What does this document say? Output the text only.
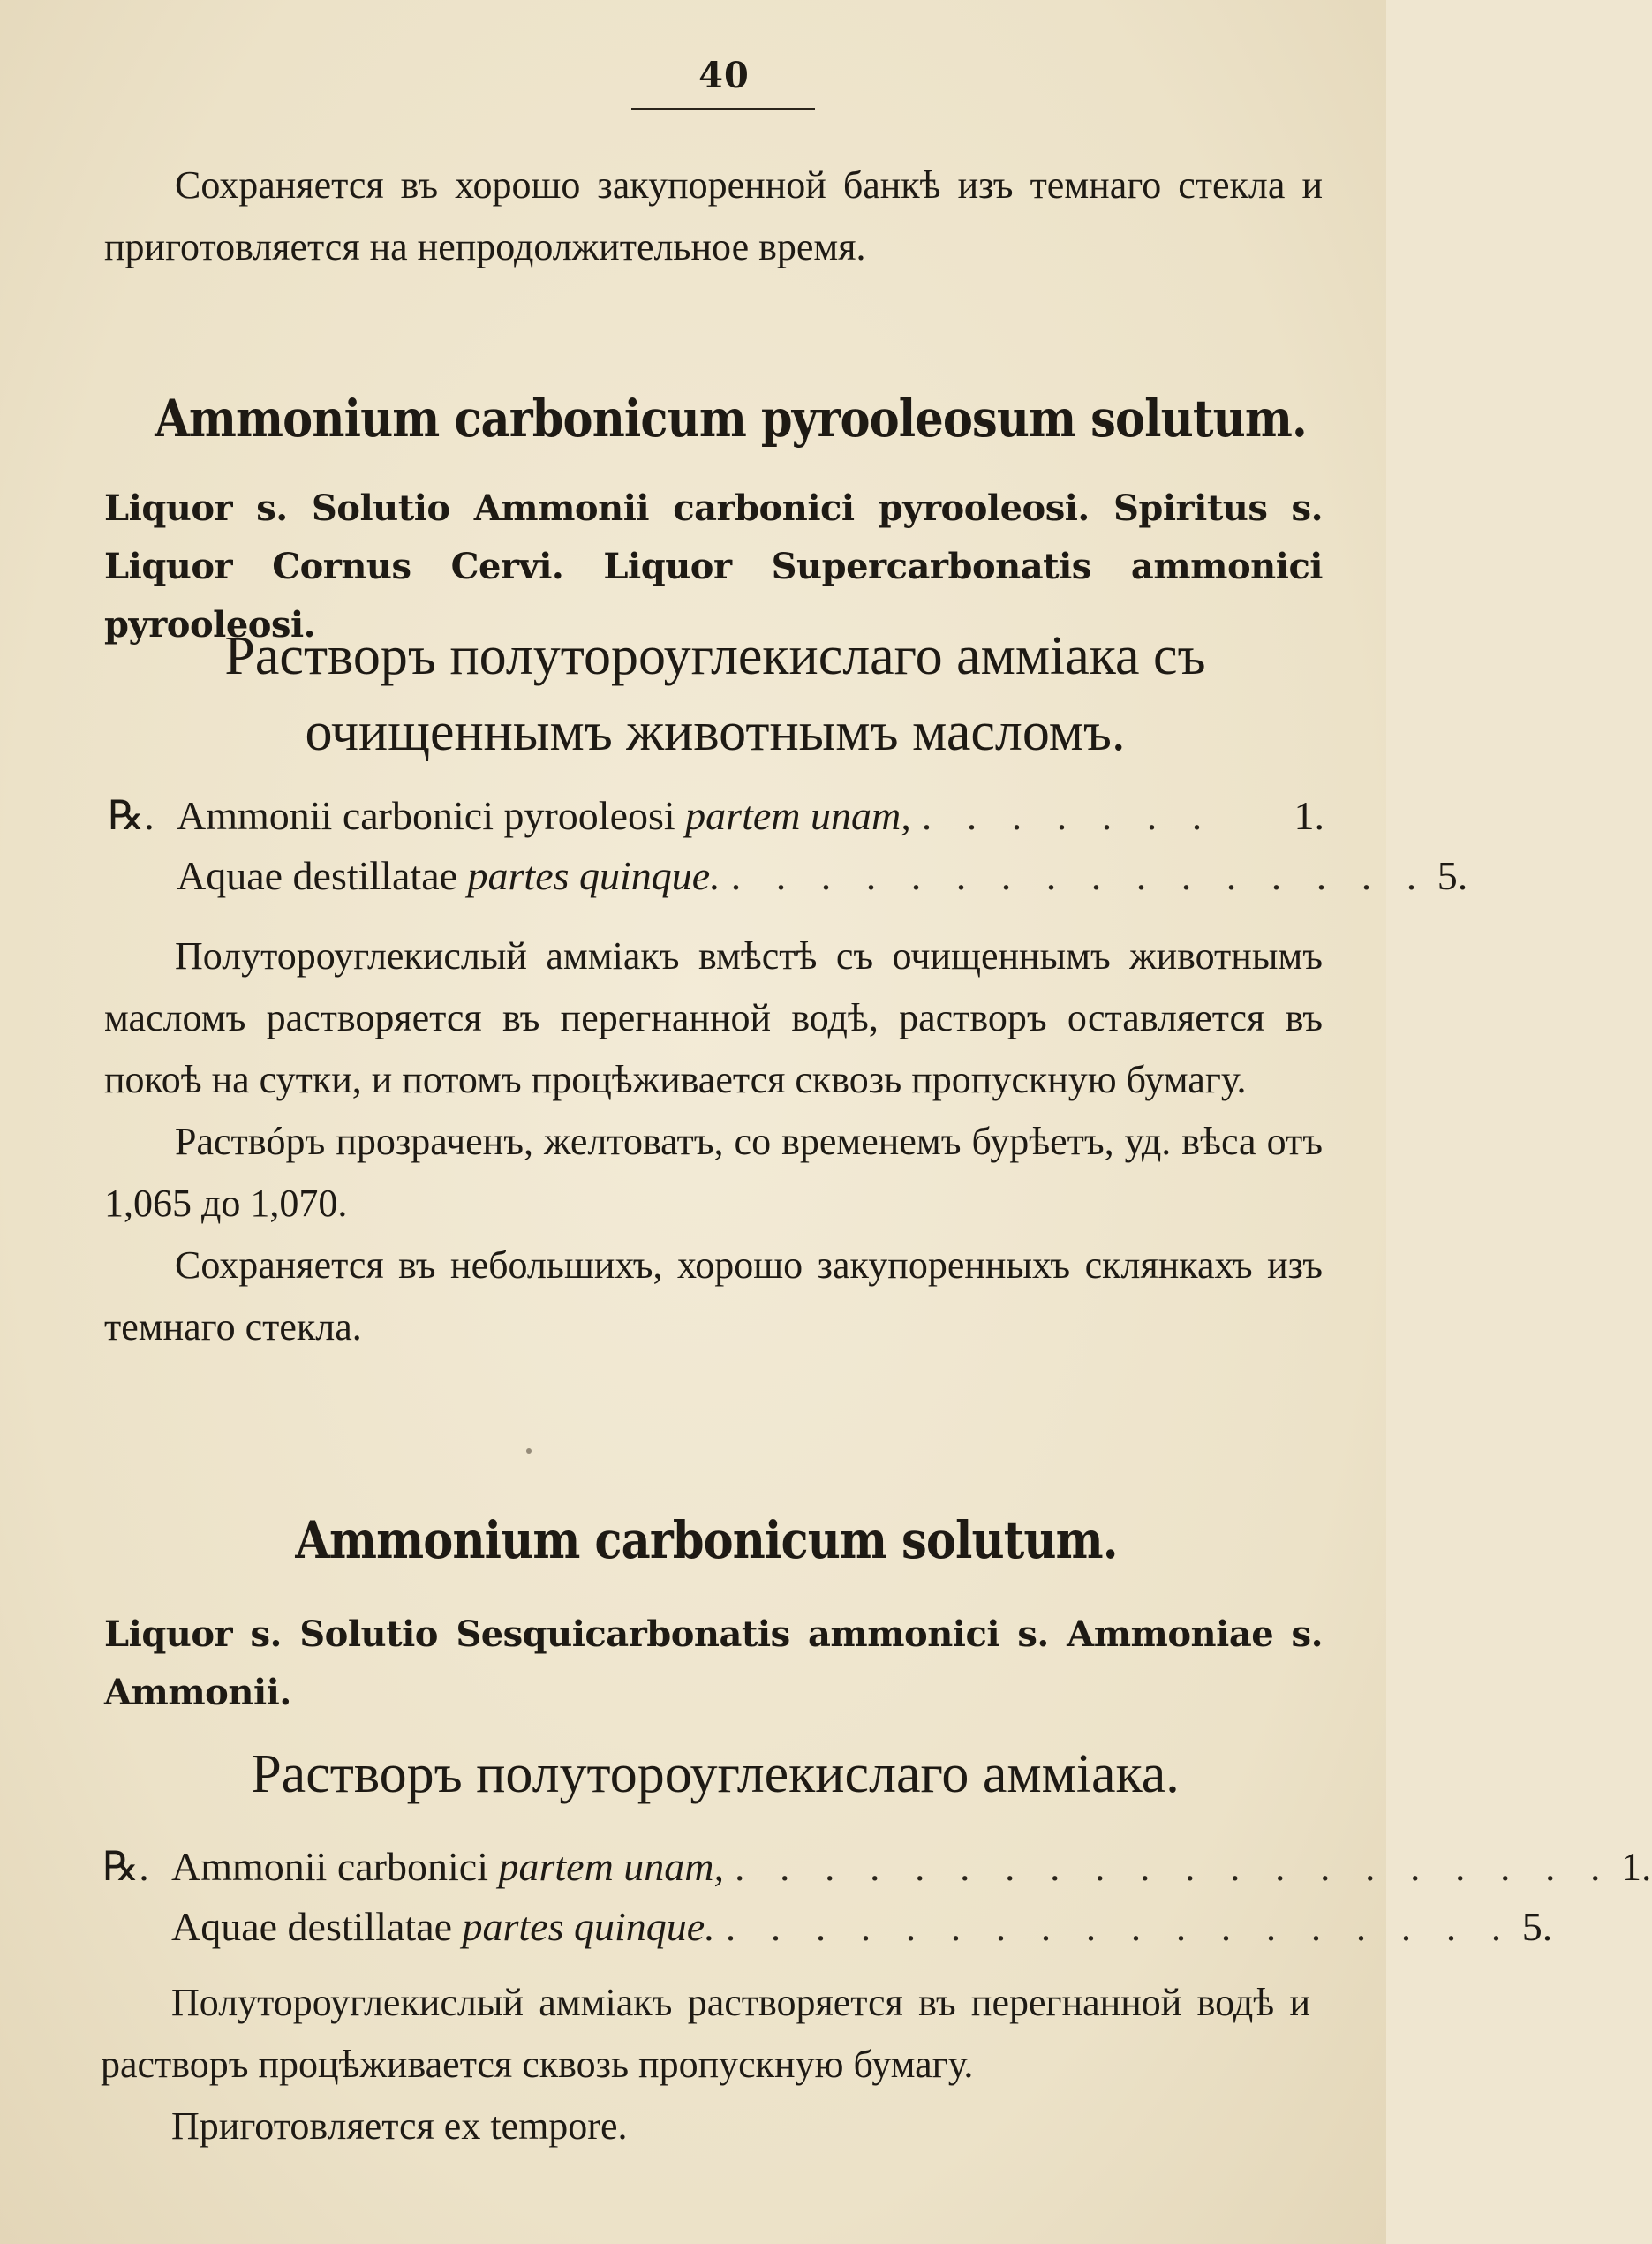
40

Сохраняется въ хорошо закупоренной банкѣ изъ темнаго стекла и приготовляется на непродолжительное время.

Ammonium carbonicum pyrooleosum solutum.

Liquor s. Solutio Ammonii carbonici pyrooleosi. Spiritus s. Liquor Cornus Cervi. Liquor Supercarbonatis ammonici pyrooleosi.

Растворъ полутороуглекислаго амміака съ очищеннымъ животнымъ масломъ.

℞. Ammonii carbonici pyrooleosi partem unam, . . . . . . .	1.
Aquae destillatae partes quinque. . . . . . . . . . . . . . . . . 5.

Полутороуглекислый амміакъ вмѣстѣ съ очищеннымъ животнымъ масломъ растворяется въ перегнанной водѣ, растворъ оставляется въ покоѣ на сутки, и потомъ процѣживается сквозь пропускную бумагу.

Раствóръ прозраченъ, желтоватъ, со временемъ бурѣетъ, уд. вѣса отъ 1,065 до 1,070.

Сохраняется въ небольшихъ, хорошо закупоренныхъ склянкахъ изъ темнаго стекла.

Ammonium carbonicum solutum.

Liquor s. Solutio Sesquicarbonatis ammonici s. Ammoniae s. Ammonii.

Растворъ полутороуглекислаго амміака.

℞. Ammonii carbonici partem unam, . . . . . . . . . . . . . . . . . . . . 1.
Aquae destillatae partes quinque. . . . . . . . . . . . . . . . . . . 5.

Полутороуглекислый амміакъ растворяется въ перегнанной водѣ и растворъ процѣживается сквозь пропускную бумагу.

Приготовляется ex tempore.
